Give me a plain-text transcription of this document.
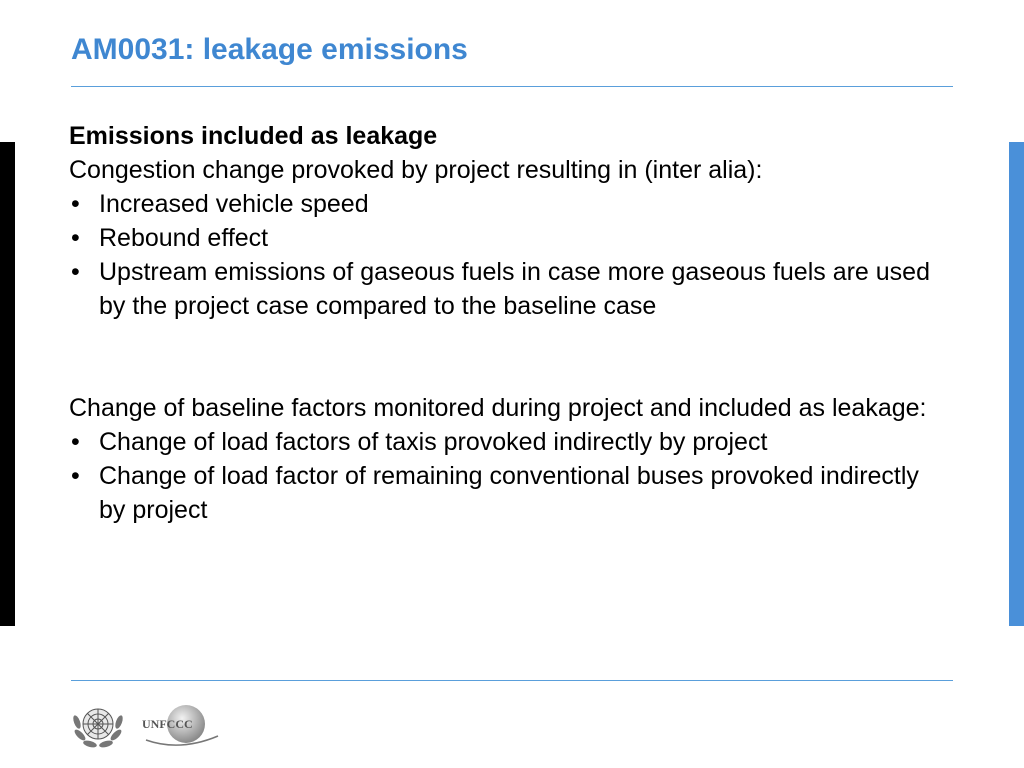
AM0031: leakage emissions

Emissions included as leakage

Congestion change provoked by project resulting in (inter alia):

• Increased vehicle speed
• Rebound effect
• Upstream emissions of gaseous fuels in case more gaseous fuels are used by the project case compared to the baseline case

Change of baseline factors monitored during project and included as leakage:

• Change of load factors of taxis provoked indirectly by project
• Change of load factor of remaining conventional buses provoked indirectly by project
UNFCCC
